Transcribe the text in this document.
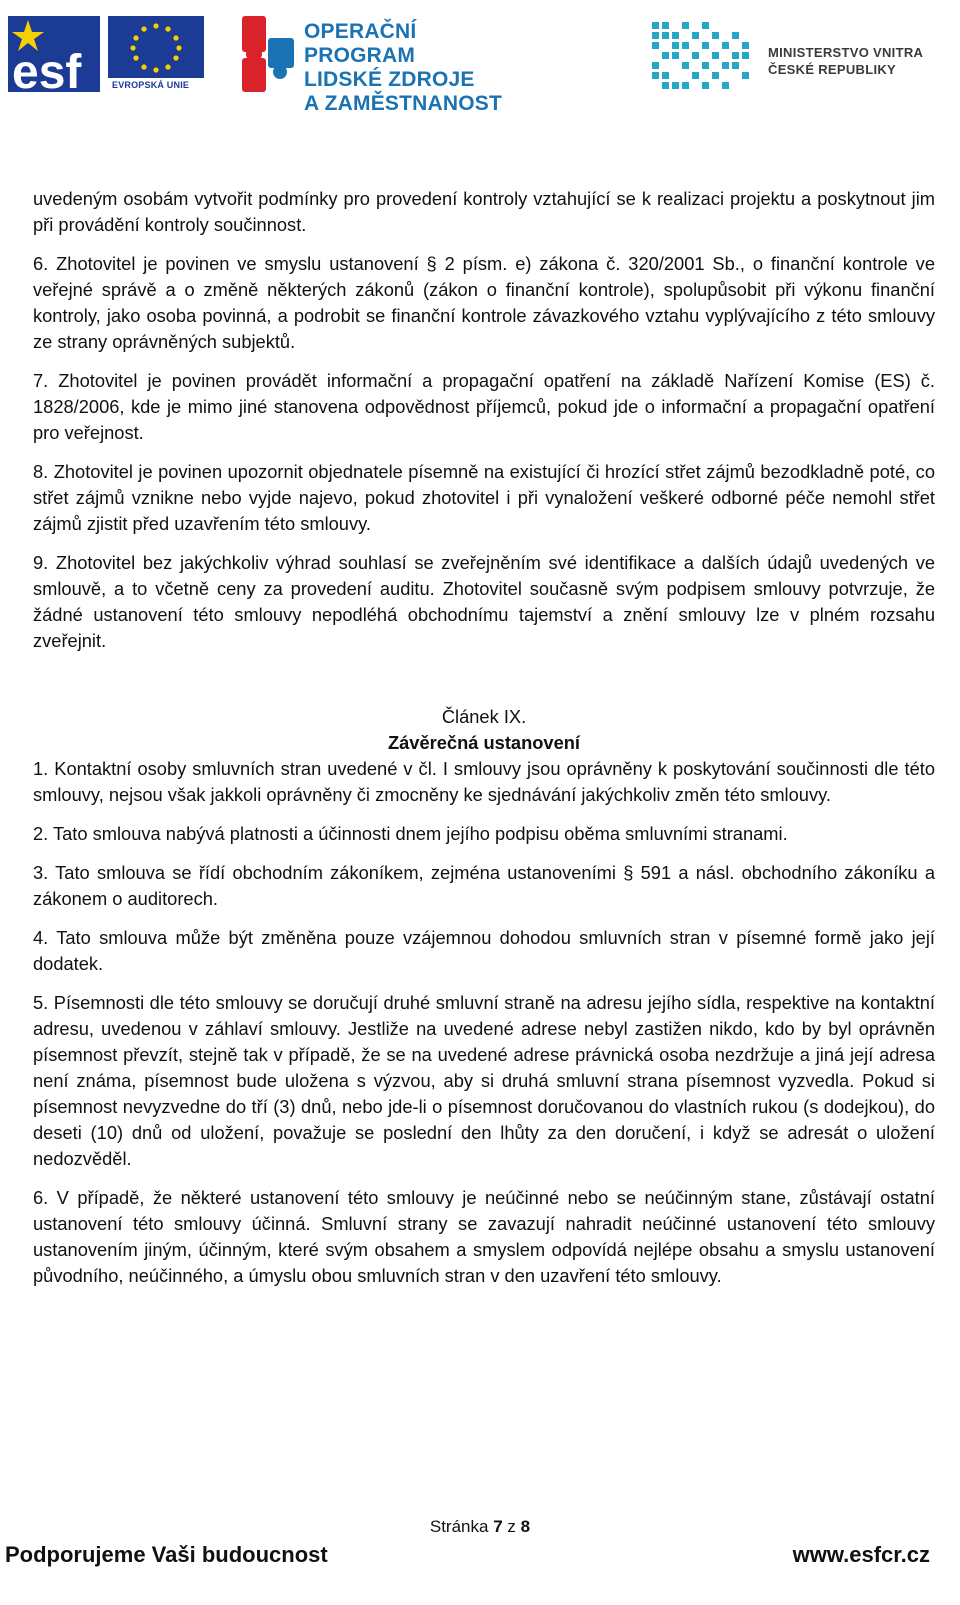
esf	EVROPSKÁ UNIE
OPERAČNÍ PROGRAM
LIDSKÉ ZDROJE
A ZAMĚSTNANOST
MINISTERSTVO VNITRA
ČESKÉ REPUBLIKY

uvedeným osobám vytvořit podmínky pro provedení kontroly vztahující se k realizaci projektu a poskytnout jim při provádění kontroly součinnost.

6. Zhotovitel je povinen ve smyslu ustanovení § 2 písm. e) zákona č. 320/2001 Sb., o finanční kontrole ve veřejné správě a o změně některých zákonů (zákon o finanční kontrole), spolupůsobit při výkonu finanční kontroly, jako osoba povinná, a podrobit se finanční kontrole závazkového vztahu vyplývajícího z této smlouvy ze strany oprávněných subjektů.

7. Zhotovitel je povinen provádět informační a propagační opatření na základě Nařízení Komise (ES) č. 1828/2006, kde je mimo jiné stanovena odpovědnost příjemců, pokud jde o informační a propagační opatření pro veřejnost.

8. Zhotovitel je povinen upozornit objednatele písemně na existující či hrozící střet zájmů bezodkladně poté, co střet zájmů vznikne nebo vyjde najevo, pokud zhotovitel i při vynaložení veškeré odborné péče nemohl střet zájmů zjistit před uzavřením této smlouvy.

9. Zhotovitel bez jakýchkoliv výhrad souhlasí se zveřejněním své identifikace a dalších údajů uvedených ve smlouvě, a to včetně ceny za provedení auditu. Zhotovitel současně svým podpisem smlouvy potvrzuje, že žádné ustanovení této smlouvy nepodléhá obchodnímu tajemství a znění smlouvy lze v plném rozsahu zveřejnit.

Článek IX.
Závěrečná ustanovení

1. Kontaktní osoby smluvních stran uvedené v čl. I smlouvy jsou oprávněny k poskytování součinnosti dle této smlouvy, nejsou však jakkoli oprávněny či zmocněny ke sjednávání jakýchkoliv změn této smlouvy.

2. Tato smlouva nabývá platnosti a účinnosti dnem jejího podpisu oběma smluvními stranami.

3. Tato smlouva se řídí obchodním zákoníkem, zejména ustanoveními § 591 a násl. obchodního zákoníku a zákonem o auditorech.

4. Tato smlouva může být změněna pouze vzájemnou dohodou smluvních stran v písemné formě jako její dodatek.

5. Písemnosti dle této smlouvy se doručují druhé smluvní straně na adresu jejího sídla, respektive na kontaktní adresu, uvedenou v záhlaví smlouvy. Jestliže na uvedené adrese nebyl zastižen nikdo, kdo by byl oprávněn písemnost převzít, stejně tak v případě, že se na uvedené adrese právnická osoba nezdržuje a jiná její adresa není známa, písemnost bude uložena s výzvou, aby si druhá smluvní strana písemnost vyzvedla. Pokud si písemnost nevyzvedne do tří (3) dnů, nebo jde-li o písemnost doručovanou do vlastních rukou (s dodejkou), do deseti (10) dnů od uložení, považuje se poslední den lhůty za den doručení, i když se adresát o uložení nedozvěděl.

6. V případě, že některé ustanovení této smlouvy je neúčinné nebo se neúčinným stane, zůstávají ostatní ustanovení této smlouvy účinná. Smluvní strany se zavazují nahradit neúčinné ustanovení této smlouvy ustanovením jiným, účinným, které svým obsahem a smyslem odpovídá nejlépe obsahu a smyslu ustanovení původního, neúčinného, a úmyslu obou smluvních stran v den uzavření této smlouvy.

Stránka 7 z 8
Podporujeme Vaši budoucnost	www.esfcr.cz
